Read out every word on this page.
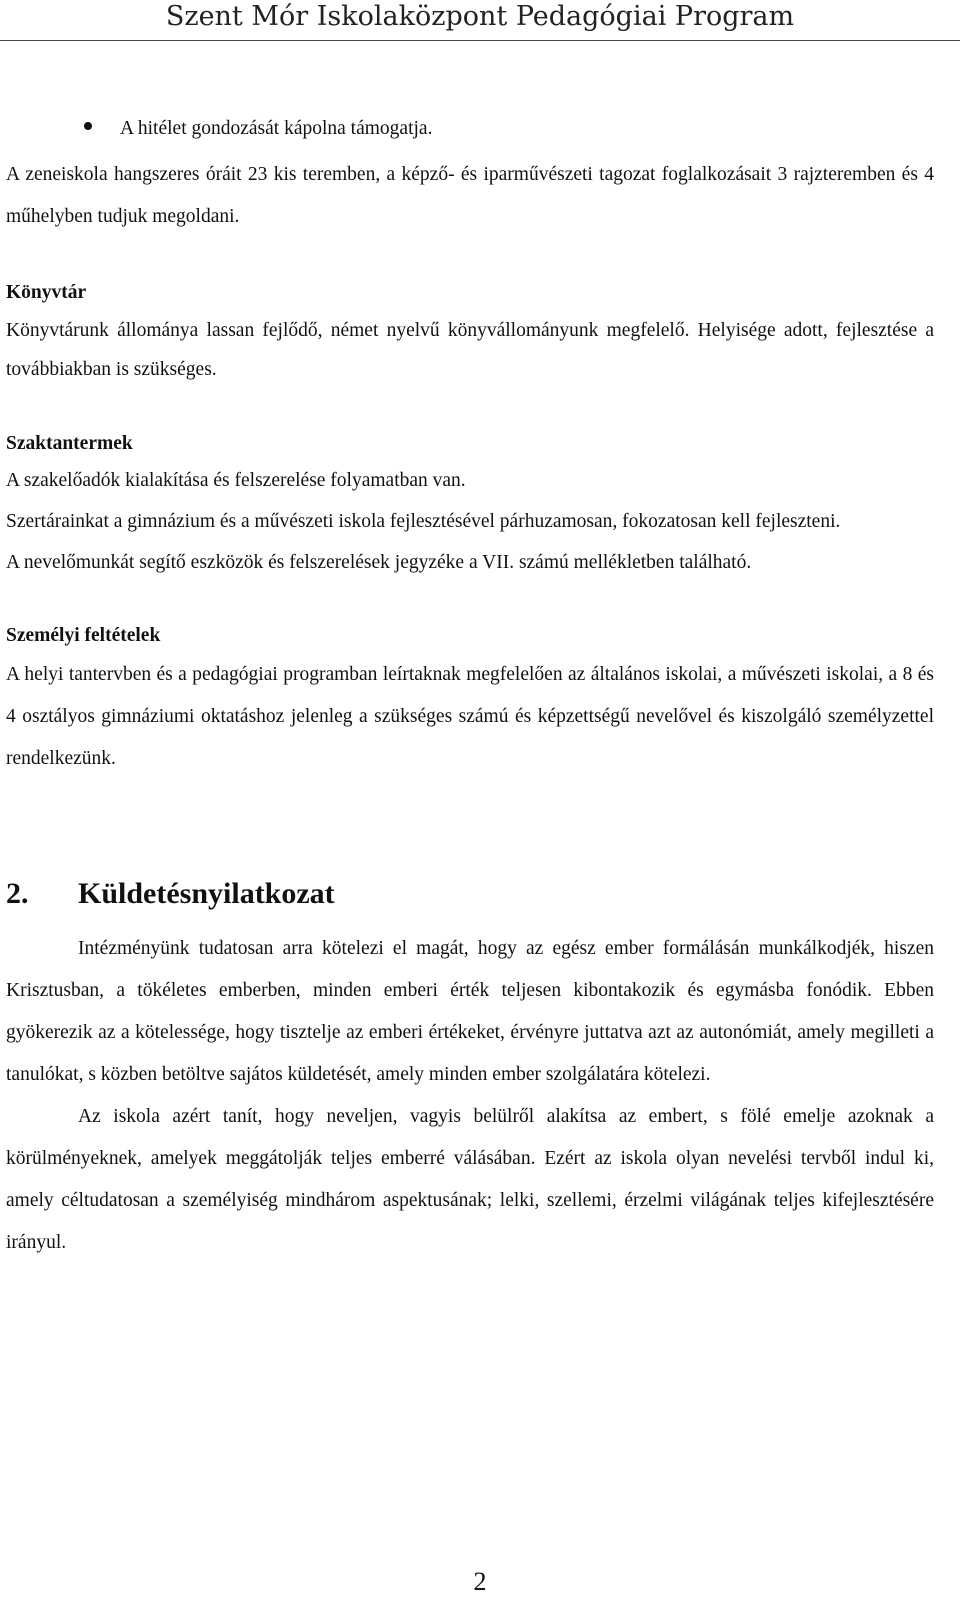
Szent Mór Iskolaközpont Pedagógiai Program
A hitélet gondozását kápolna támogatja.

A zeneiskola hangszeres óráit 23 kis teremben, a képző- és iparművészeti tagozat foglalkozásait 3 rajzteremben és 4 műhelyben tudjuk megoldani.

Könyvtár

Könyvtárunk állománya lassan fejlődő, német nyelvű könyvállományunk megfelelő. Helyisége adott, fejlesztése a továbbiakban is szükséges.

Szaktantermek

A szakelőadók kialakítása és felszerelése folyamatban van.

Szertárainkat a gimnázium és a művészeti iskola fejlesztésével párhuzamosan, fokozatosan kell fejleszteni.

A nevelőmunkát segítő eszközök és felszerelések jegyzéke a VII. számú mellékletben található.

Személyi feltételek

A helyi tantervben és a pedagógiai programban leírtaknak megfelelően az általános iskolai, a művészeti iskolai, a 8 és 4 osztályos gimnáziumi oktatáshoz jelenleg a szükséges számú és képzettségű nevelővel és kiszolgáló személyzettel rendelkezünk.

2. Küldetésnyilatkozat

Intézményünk tudatosan arra kötelezi el magát, hogy az egész ember formálásán munkálkodjék, hiszen Krisztusban, a tökéletes emberben, minden emberi érték teljesen kibontakozik és egymásba fonódik. Ebben gyökerezik az a kötelessége, hogy tisztelje az emberi értékeket, érvényre juttatva azt az autonómiát, amely megilleti a tanulókat, s közben betöltve sajátos küldetését, amely minden ember szolgálatára kötelezi.

Az iskola azért tanít, hogy neveljen, vagyis belülről alakítsa az embert, s fölé emelje azoknak a körülményeknek, amelyek meggátolják teljes emberré válásában. Ezért az iskola olyan nevelési tervből indul ki, amely céltudatosan a személyiség mindhárom aspektusának; lelki, szellemi, érzelmi világának teljes kifejlesztésére irányul.

2
